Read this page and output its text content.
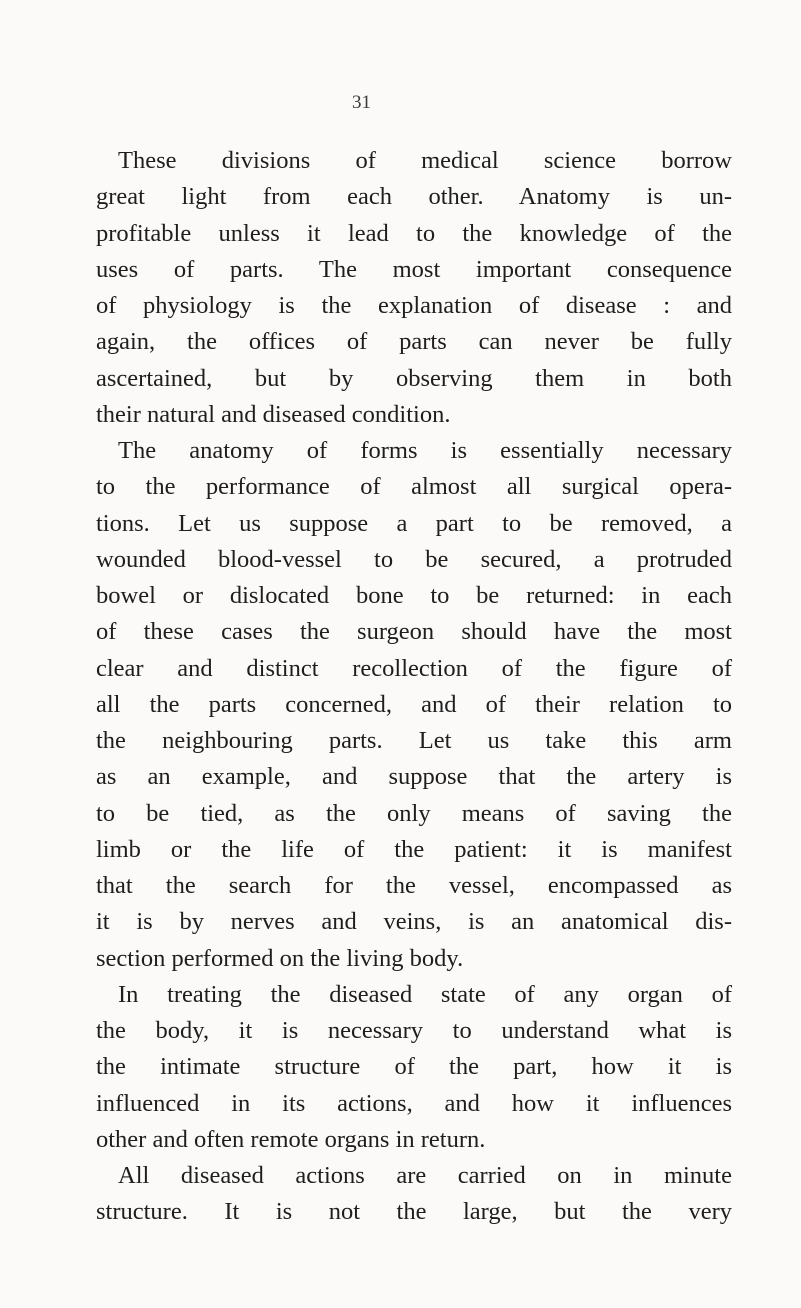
31
These divisions of medical science borrow
great light from each other. Anatomy is un-
profitable unless it lead to the knowledge of the
uses of parts. The most important consequence
of physiology is the explanation of disease : and
again, the offices of parts can never be fully
ascertained, but by observing them in both
their natural and diseased condition.
The anatomy of forms is essentially necessary
to the performance of almost all surgical opera-
tions. Let us suppose a part to be removed, a
wounded blood-vessel to be secured, a protruded
bowel or dislocated bone to be returned: in each
of these cases the surgeon should have the most
clear and distinct recollection of the figure of
all the parts concerned, and of their relation to
the neighbouring parts. Let us take this arm
as an example, and suppose that the artery is
to be tied, as the only means of saving the
limb or the life of the patient: it is manifest
that the search for the vessel, encompassed as
it is by nerves and veins, is an anatomical dis-
section performed on the living body.
In treating the diseased state of any organ of
the body, it is necessary to understand what is
the intimate structure of the part, how it is
influenced in its actions, and how it influences
other and often remote organs in return.
All diseased actions are carried on in minute
structure. It is not the large, but the very
